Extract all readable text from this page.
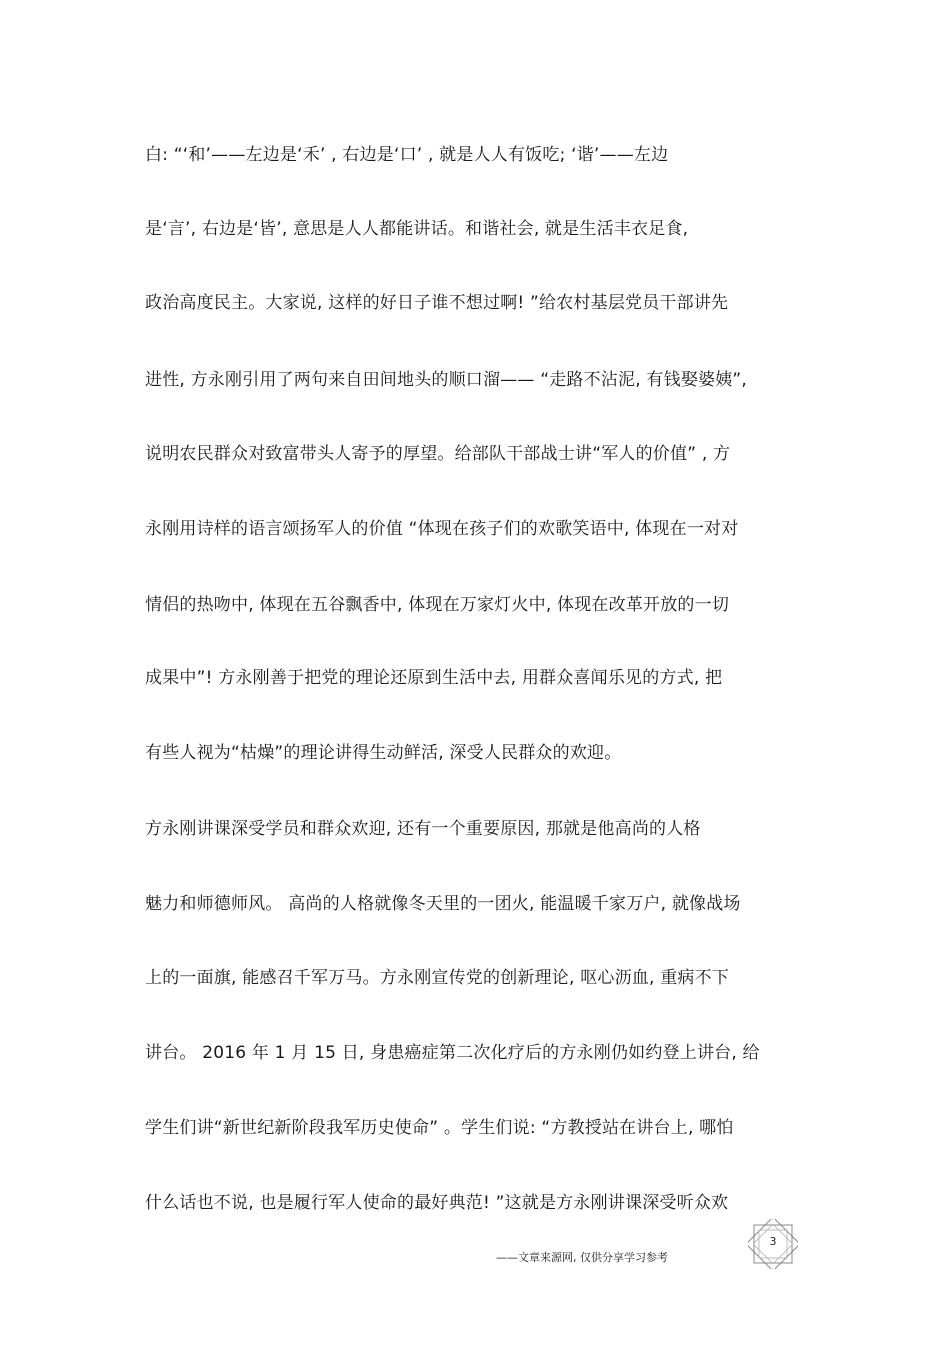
白: “‘和’——左边是‘禾’ , 右边是‘口’ , 就是人人有饭吃; ‘谐’——左边
是‘言’, 右边是‘皆’, 意思是人人都能讲话。和谐社会, 就是生活丰衣足食,
政治高度民主。大家说, 这样的好日子谁不想过啊! ”给农村基层党员干部讲先
进性, 方永刚引用了两句来自田间地头的顺口溜—— “走路不沾泥, 有钱娶婆姨”,
说明农民群众对致富带头人寄予的厚望。给部队干部战士讲“军人的价值” , 方
永刚用诗样的语言颂扬军人的价值 “体现在孩子们的欢歌笑语中, 体现在一对对
情侣的热吻中, 体现在五谷飘香中, 体现在万家灯火中, 体现在改革开放的一切
成果中”! 方永刚善于把党的理论还原到生活中去, 用群众喜闻乐见的方式, 把
有些人视为“枯燥”的理论讲得生动鲜活, 深受人民群众的欢迎。
方永刚讲课深受学员和群众欢迎, 还有一个重要原因, 那就是他高尚的人格
魅力和师德师风。 高尚的人格就像冬天里的一团火, 能温暖千家万户, 就像战场
上的一面旗, 能感召千军万马。方永刚宣传党的创新理论, 呕心沥血, 重病不下
讲台。 2016 年 1 月 15 日, 身患癌症第二次化疗后的方永刚仍如约登上讲台, 给
学生们讲“新世纪新阶段我军历史使命” 。学生们说: “方教授站在讲台上, 哪怕
什么话也不说, 也是履行军人使命的最好典范! ”这就是方永刚讲课深受听众欢
——文章来源网, 仅供分享学习参考
3
